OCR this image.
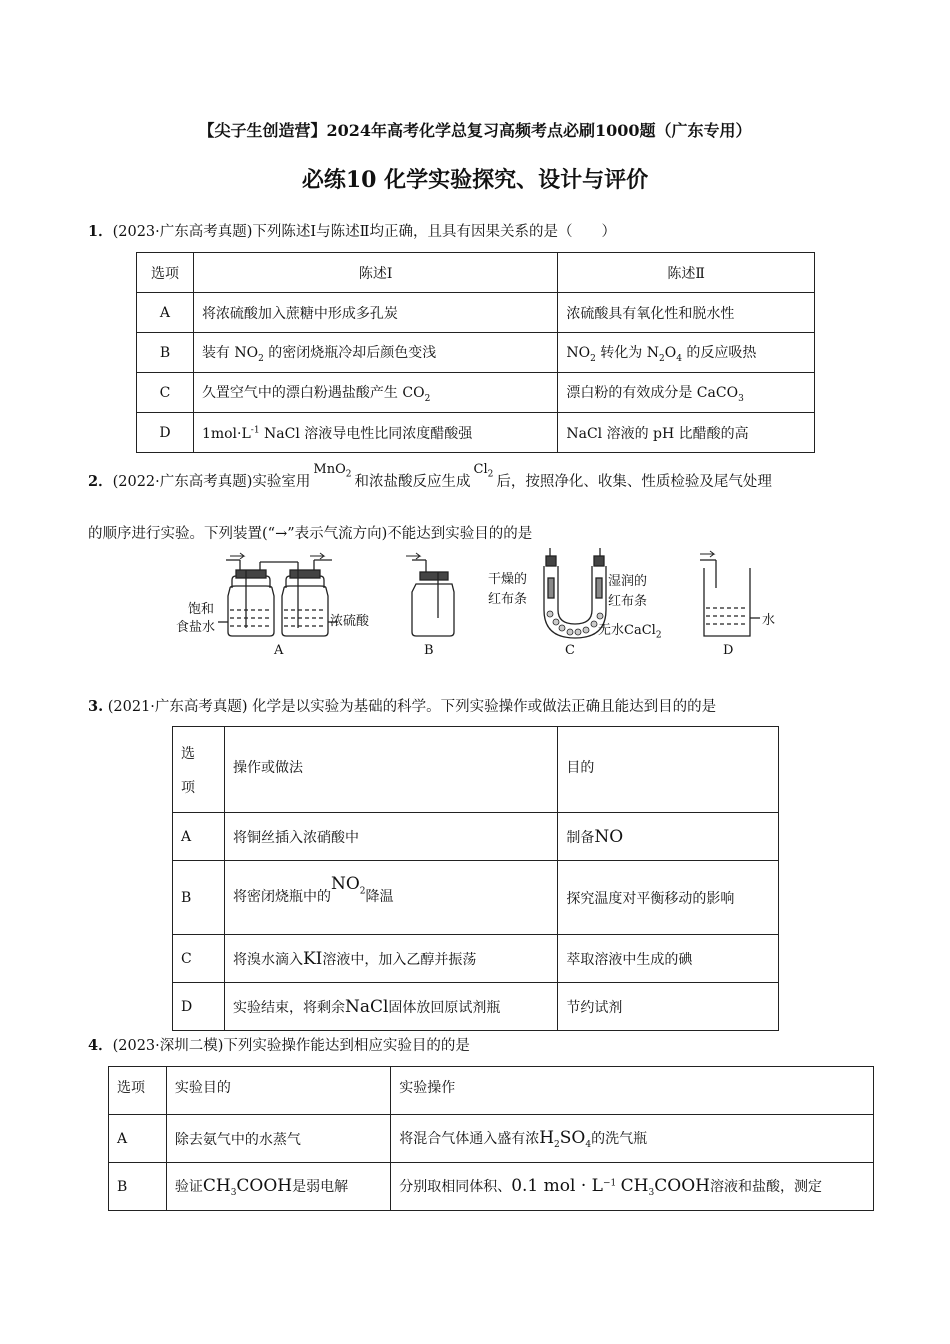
【尖子生创造营】2024年高考化学总复习高频考点必刷1000题（广东专用）
必练10 化学实验探究、设计与评价
1．(2023·广东高考真题)下列陈述Ⅰ与陈述Ⅱ均正确，且具有因果关系的是（　　）
选项	陈述Ⅰ	陈述Ⅱ
A	将浓硫酸加入蔗糖中形成多孔炭	浓硫酸具有氧化性和脱水性
B	装有 $NO_2$ 的密闭烧瓶冷却后颜色变浅	$NO_2$ 转化为 $N_2O_4$ 的反应吸热
C	久置空气中的漂白粉遇盐酸产生 $CO_2$	漂白粉的有效成分是 CaCO$_3$
D	$1mol\cdot L^{-1}$ NaCl 溶液导电性比同浓度醋酸强	NaCl 溶液的 pH 比醋酸的高
2．(2022·广东高考真题)实验室用MnO$_2$ 和浓盐酸反应生成$Cl_2$ 后，按照净化、收集、性质检验及尾气处理
的顺序进行实验。下列装置(“→”表示气流方向)不能达到实验目的的是
饱和
食盐水	浓硫酸
干燥的
红布条
湿润的
红布条
无水CaCl$_2$
水
A	B	C	D
3. (2021·广东高考真题) 化学是以实验为基础的科学。下列实验操作或做法正确且能达到目的的是
选
项	操作或做法	目的
A	将铜丝插入浓硝酸中	制备NO
B	将密闭烧瓶中的$NO_2$降温	探究温度对平衡移动的影响
C	将溴水滴入KI溶液中，加入乙醇并振荡	萃取溶液中生成的碘
D	实验结束，将剩余NaCl固体放回原试剂瓶	节约试剂
4．(2023·深圳二模)下列实验操作能达到相应实验目的的是
选项	实验目的	实验操作
A	除去氨气中的水蒸气	将混合气体通入盛有浓$H_2SO_4$的洗气瓶
B	验证$CH_3COOH$是弱电解	分别取相同体积、0.1 mol · $L^{-1}$ $CH_3COOH$溶液和盐酸，测定
